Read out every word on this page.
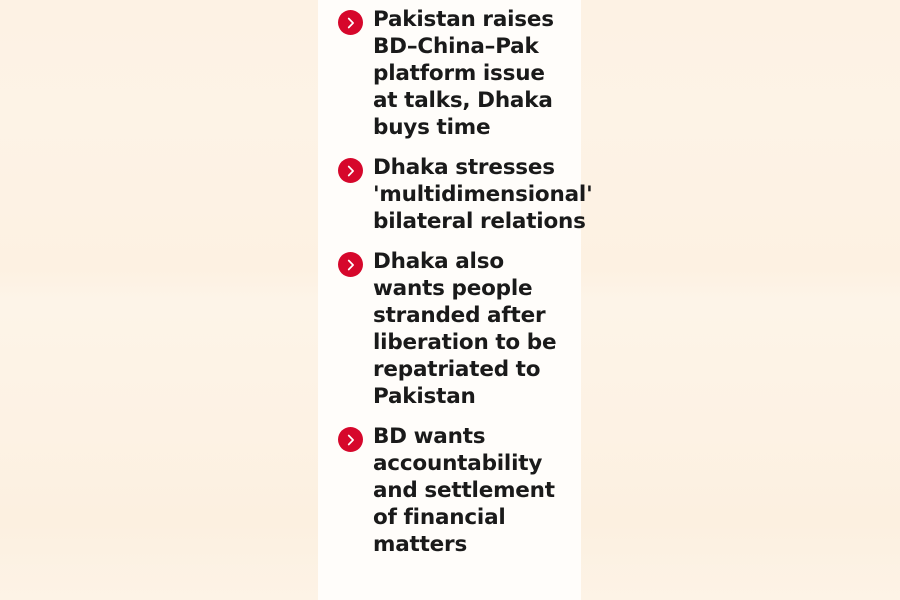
Pakistan raises BD–China–Pak platform issue at talks, Dhaka buys time
Dhaka stresses 'multidimensional' bilateral relations
Dhaka also wants people stranded after liberation to be repatriated to Pakistan
BD wants accountability and settlement of financial matters
